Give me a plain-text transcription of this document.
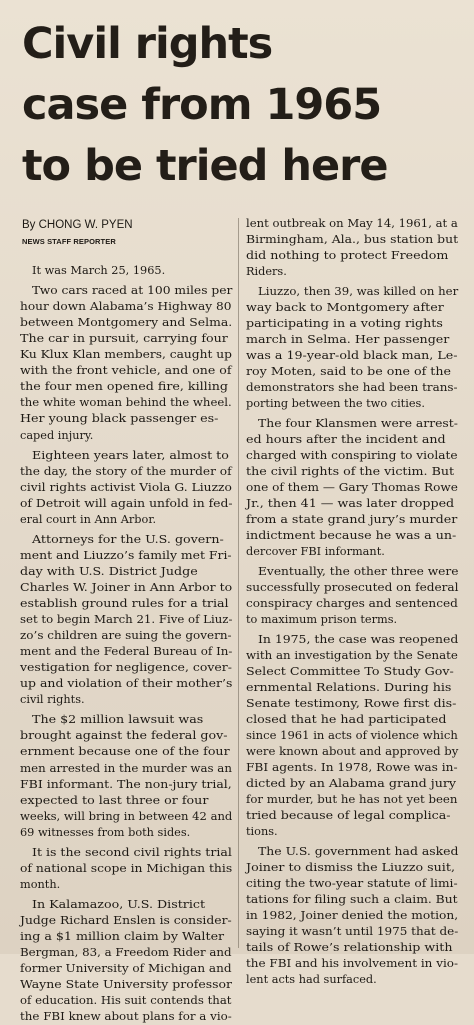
Civil rights
case from 1965
to be tried here
By CHONG W. PYEN
NEWS STAFF REPORTER
It was March 25, 1965.
Two cars raced at 100 miles per
hour down Alabama’s Highway 80
between Montgomery and Selma.
The car in pursuit, carrying four
Ku Klux Klan members, caught up
with the front vehicle, and one of
the four men opened fire, killing
the white woman behind the wheel.
Her young black passenger es-
caped injury.
Eighteen years later, almost to
the day, the story of the murder of
civil rights activist Viola G. Liuzzo
of Detroit will again unfold in fed-
eral court in Ann Arbor.
Attorneys for the U.S. govern-
ment and Liuzzo’s family met Fri-
day with U.S. District Judge
Charles W. Joiner in Ann Arbor to
establish ground rules for a trial
set to begin March 21. Five of Liuz-
zo’s children are suing the govern-
ment and the Federal Bureau of In-
vestigation for negligence, cover-
up and violation of their mother’s
civil rights.
The $2 million lawsuit was
brought against the federal gov-
ernment because one of the four
men arrested in the murder was an
FBI informant. The non-jury trial,
expected to last three or four
weeks, will bring in between 42 and
69 witnesses from both sides.
It is the second civil rights trial
of national scope in Michigan this
month.
In Kalamazoo, U.S. District
Judge Richard Enslen is consider-
ing a $1 million claim by Walter
Bergman, 83, a Freedom Rider and
former University of Michigan and
Wayne State University professor
of education. His suit contends that
the FBI knew about plans for a vio-
lent outbreak on May 14, 1961, at a
Birmingham, Ala., bus station but
did nothing to protect Freedom
Riders.
Liuzzo, then 39, was killed on her
way back to Montgomery after
participating in a voting rights
march in Selma. Her passenger
was a 19-year-old black man, Le-
roy Moten, said to be one of the
demonstrators she had been trans-
porting between the two cities.
The four Klansmen were arrest-
ed hours after the incident and
charged with conspiring to violate
the civil rights of the victim. But
one of them — Gary Thomas Rowe
Jr., then 41 — was later dropped
from a state grand jury’s murder
indictment because he was a un-
dercover FBI informant.
Eventually, the other three were
successfully prosecuted on federal
conspiracy charges and sentenced
to maximum prison terms.
In 1975, the case was reopened
with an investigation by the Senate
Select Committee To Study Gov-
ernmental Relations. During his
Senate testimony, Rowe first dis-
closed that he had participated
since 1961 in acts of violence which
were known about and approved by
FBI agents. In 1978, Rowe was in-
dicted by an Alabama grand jury
for murder, but he has not yet been
tried because of legal complica-
tions.
The U.S. government had asked
Joiner to dismiss the Liuzzo suit,
citing the two-year statute of limi-
tations for filing such a claim. But
in 1982, Joiner denied the motion,
saying it wasn’t until 1975 that de-
tails of Rowe’s relationship with
the FBI and his involvement in vio-
lent acts had surfaced.
